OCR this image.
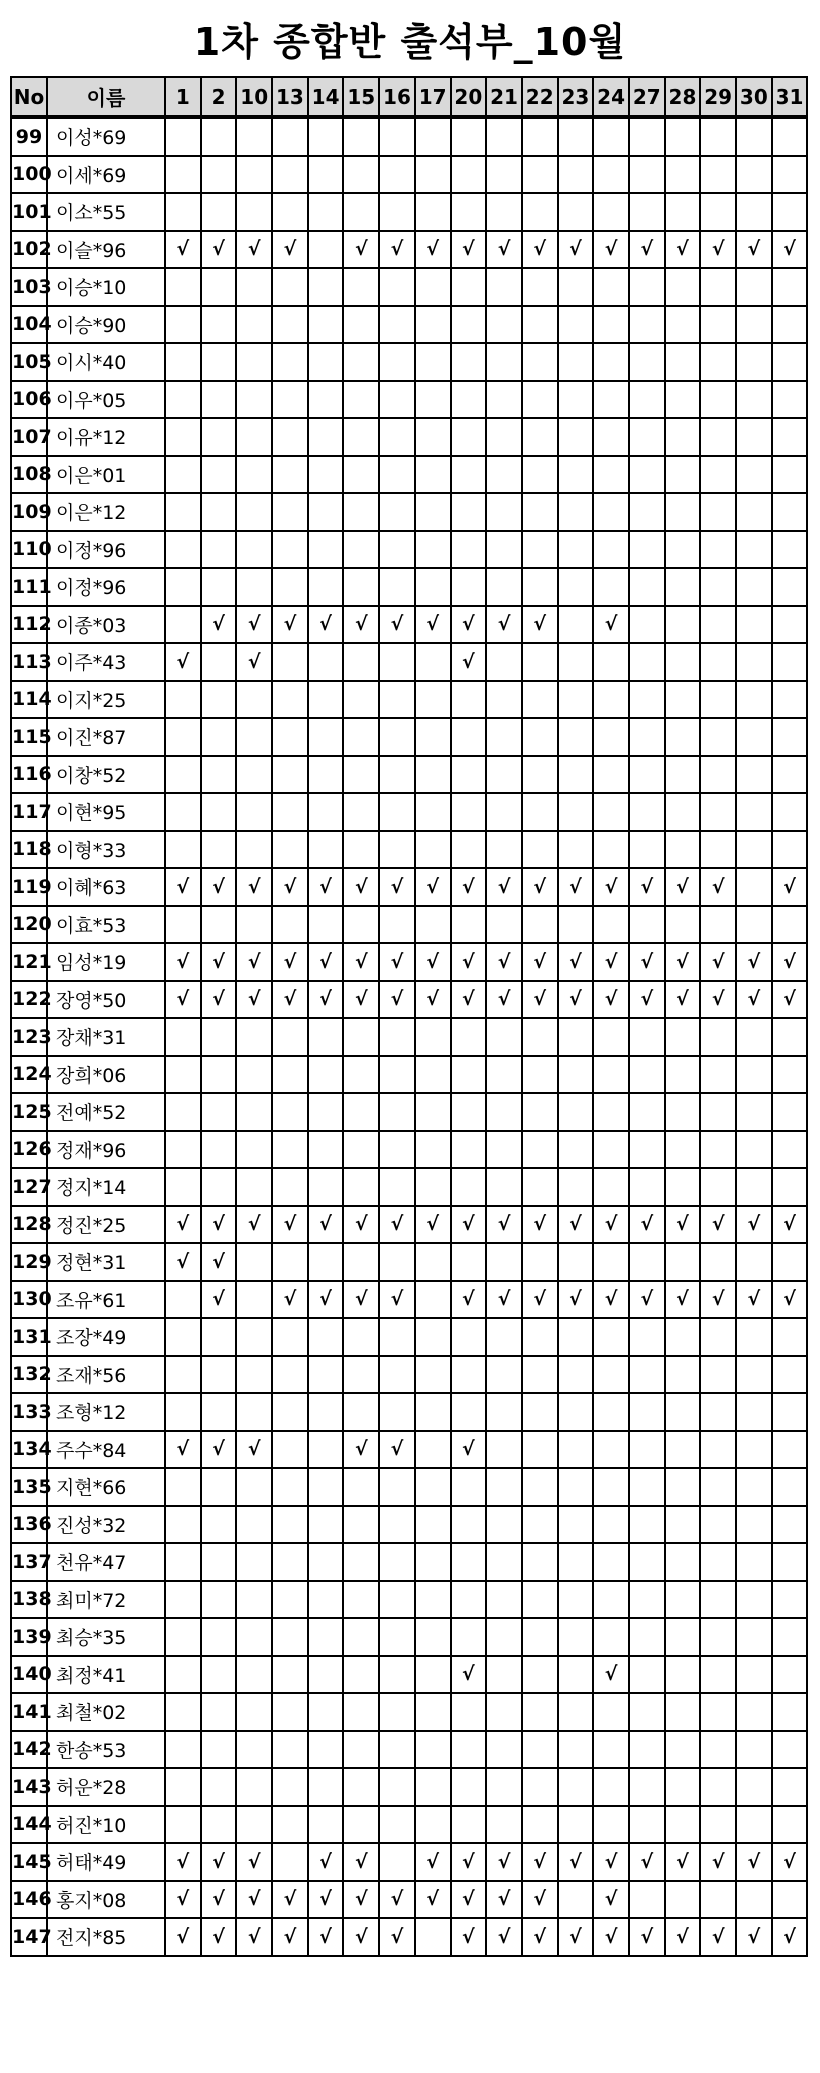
1차 종합반 출석부_10월
No	이름	1	2	10	13	14	15	16	17	20	21	22	23	24	27	28	29	30	31
99	이성*69																		
100	이세*69																		
101	이소*55																		
102	이슬*96	√	√	√	√		√	√	√	√	√	√	√	√	√	√	√	√	√
103	이승*10																		
104	이승*90																		
105	이시*40																		
106	이우*05																		
107	이유*12																		
108	이은*01																		
109	이은*12																		
110	이정*96																		
111	이정*96																		
112	이종*03		√	√	√	√	√	√	√	√	√	√		√					
113	이주*43	√		√						√									
114	이지*25																		
115	이진*87																		
116	이창*52																		
117	이현*95																		
118	이형*33																		
119	이혜*63	√	√	√	√	√	√	√	√	√	√	√	√	√	√	√	√		√
120	이효*53																		
121	임성*19	√	√	√	√	√	√	√	√	√	√	√	√	√	√	√	√	√	√
122	장영*50	√	√	√	√	√	√	√	√	√	√	√	√	√	√	√	√	√	√
123	장채*31																		
124	장희*06																		
125	전예*52																		
126	정재*96																		
127	정지*14																		
128	정진*25	√	√	√	√	√	√	√	√	√	√	√	√	√	√	√	√	√	√
129	정현*31	√	√																
130	조유*61		√		√	√	√	√		√	√	√	√	√	√	√	√	√	√
131	조장*49																		
132	조재*56																		
133	조형*12																		
134	주수*84	√	√	√			√	√		√									
135	지현*66																		
136	진성*32																		
137	천유*47																		
138	최미*72																		
139	최승*35																		
140	최정*41									√				√					
141	최철*02																		
142	한송*53																		
143	허운*28																		
144	허진*10																		
145	허태*49	√	√	√		√	√		√	√	√	√	√	√	√	√	√	√	√
146	홍지*08	√	√	√	√	√	√	√	√	√	√	√		√					
147	전지*85	√	√	√	√	√	√	√		√	√	√	√	√	√	√	√	√	√
